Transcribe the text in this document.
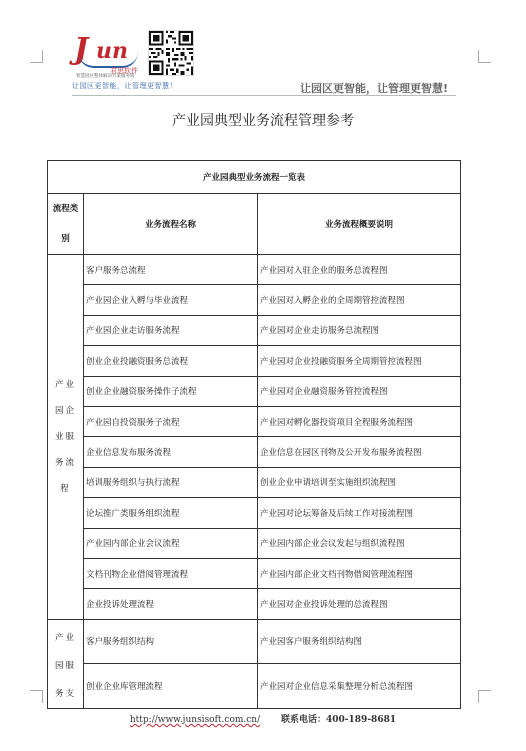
J un
君思软件
智慧园区整体解决方案服务商
让园区更智能，让管理更智慧！	让园区更智能，让管理更智慧!
产业园典型业务流程管理参考
产业园典型业务流程一览表		
流程类别	业务流程名称	业务流程概要说明
产业园企业服务流程	客户服务总流程	产业园对入驻企业的服务总流程图
	产业园企业入孵与毕业流程	产业园对入孵企业的全周期管控流程图
	产业园企业走访服务流程	产业园对企业走访服务总流程图
	创业企业投融资服务总流程	产业园对企业投融资服务全周期管控流程图
	创业企业融资服务操作子流程	产业园对企业融资服务管控流程图
	产业园自投资服务子流程	产业园对孵化器投资项目全程服务流程图
	企业信息发布服务流程	企业信息在园区刊物及公开发布服务流程图
	培训服务组织与执行流程	创业企业申请培训至实施组织流程图
	论坛推广类服务组织流程	产业园对论坛筹备及后续工作对接流程图
	产业园内部企业会议流程	产业园内部企业会议发起与组织流程图
	文档刊物企业借阅管理流程	产业园内部企业文档刊物借阅管理流程图
	企业投诉处理流程	产业园对企业投诉处理的总流程图
产业园服务支	客户服务组织结构	产业园客户服务组织结构图
	创业企业库管理流程	产业园对企业信息采集整理分析总流程图
http://www.junsisoft.com.cn/ 联系电话：400-189-8681
